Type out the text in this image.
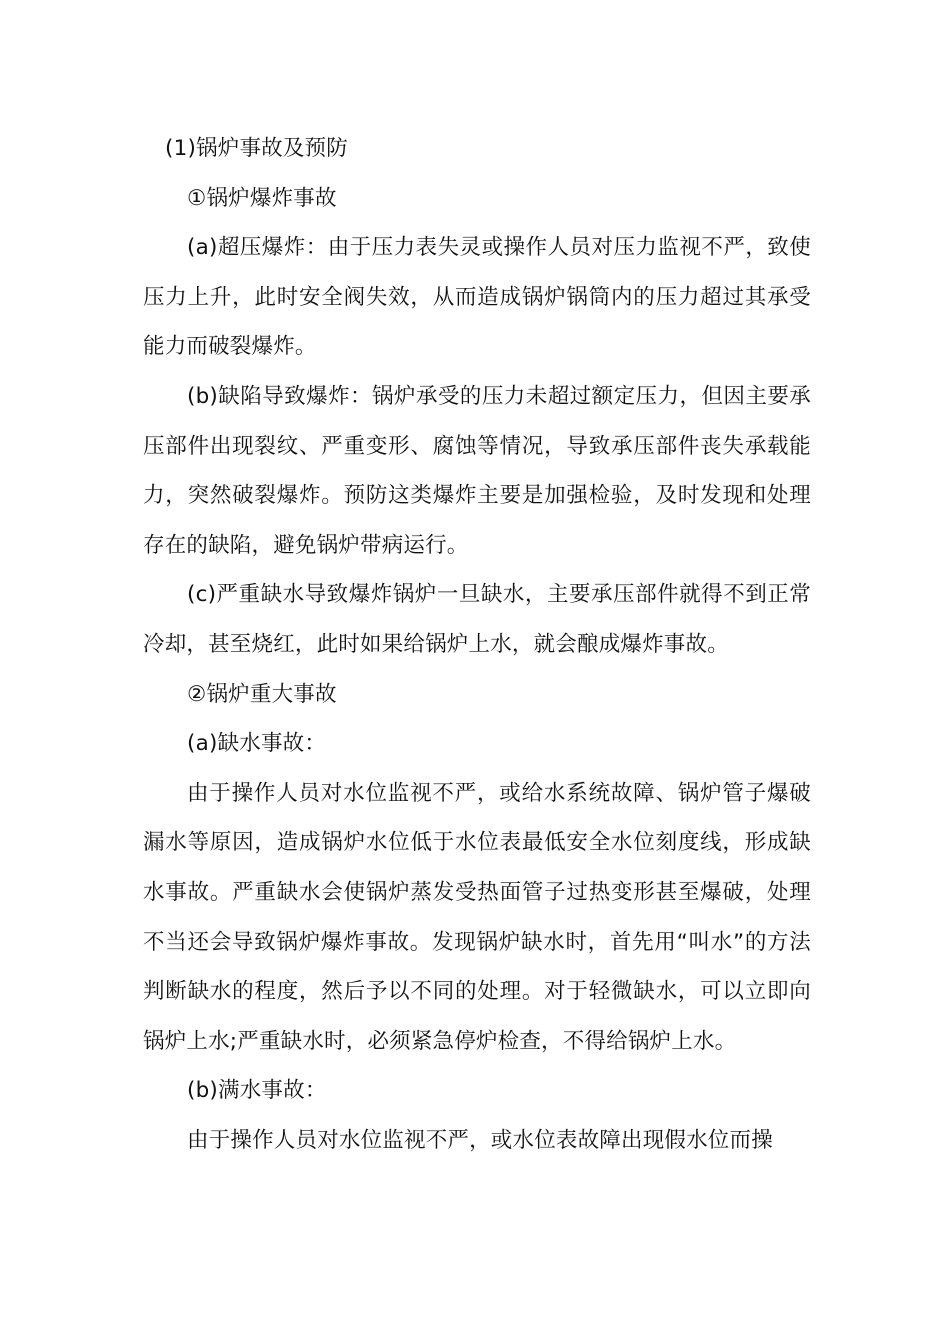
(1)锅炉事故及预防

①锅炉爆炸事故

(a)超压爆炸：由于压力表失灵或操作人员对压力监视不严，致使压力上升，此时安全阀失效，从而造成锅炉锅筒内的压力超过其承受能力而破裂爆炸。

(b)缺陷导致爆炸：锅炉承受的压力未超过额定压力，但因主要承压部件出现裂纹、严重变形、腐蚀等情况，导致承压部件丧失承载能力，突然破裂爆炸。预防这类爆炸主要是加强检验，及时发现和处理存在的缺陷，避免锅炉带病运行。

(c)严重缺水导致爆炸锅炉一旦缺水，主要承压部件就得不到正常冷却，甚至烧红，此时如果给锅炉上水，就会酿成爆炸事故。

②锅炉重大事故

(a)缺水事故：

由于操作人员对水位监视不严，或给水系统故障、锅炉管子爆破漏水等原因，造成锅炉水位低于水位表最低安全水位刻度线，形成缺水事故。严重缺水会使锅炉蒸发受热面管子过热变形甚至爆破，处理不当还会导致锅炉爆炸事故。发现锅炉缺水时，首先用“叫水”的方法判断缺水的程度，然后予以不同的处理。对于轻微缺水，可以立即向锅炉上水;严重缺水时，必须紧急停炉检查，不得给锅炉上水。

(b)满水事故：

由于操作人员对水位监视不严，或水位表故障出现假水位而操
